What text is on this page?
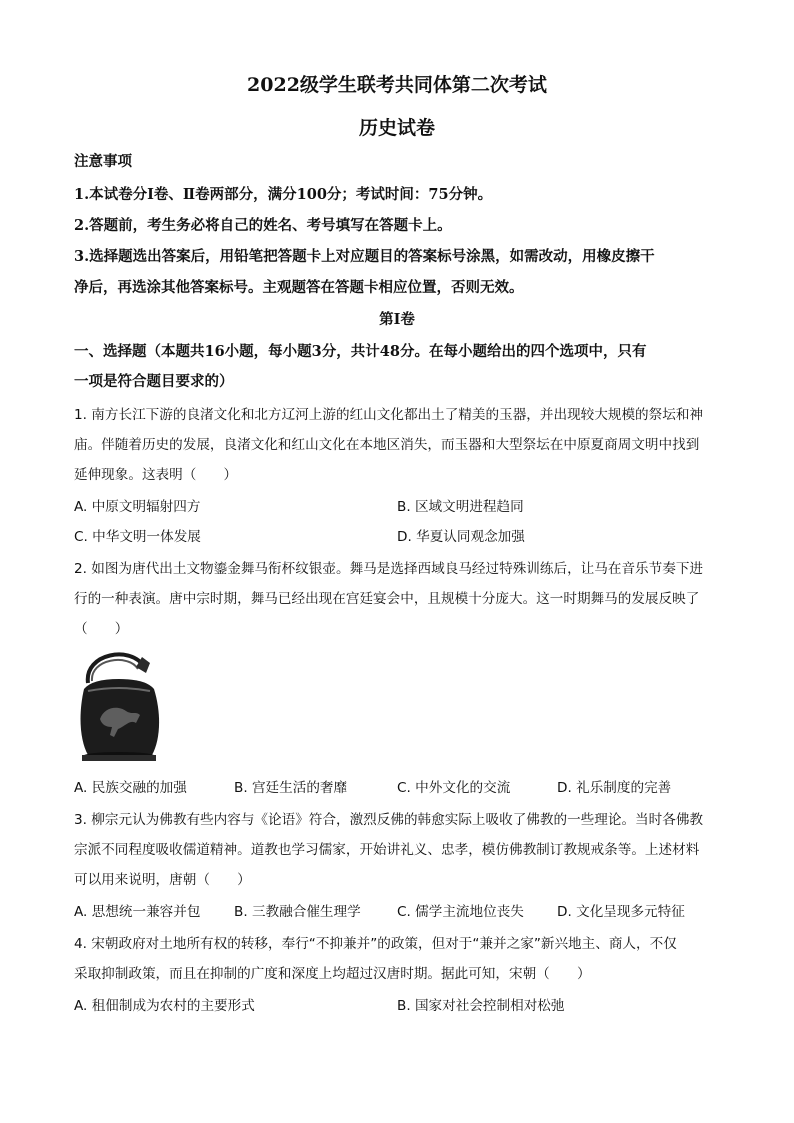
2022级学生联考共同体第二次考试
历史试卷
注意事项
1.本试卷分Ⅰ卷、Ⅱ卷两部分，满分100分；考试时间：75分钟。
2.答题前，考生务必将自己的姓名、考号填写在答题卡上。
3.选择题选出答案后，用铅笔把答题卡上对应题目的答案标号涂黑，如需改动，用橡皮擦干
净后，再选涂其他答案标号。主观题答在答题卡相应位置，否则无效。
第Ⅰ卷
一、选择题（本题共16小题，每小题3分，共计48分。在每小题给出的四个选项中，只有
一项是符合题目要求的）
1. 南方长江下游的良渚文化和北方辽河上游的红山文化都出土了精美的玉器，并出现较大规模的祭坛和神
庙。伴随着历史的发展，良渚文化和红山文化在本地区消失，而玉器和大型祭坛在中原夏商周文明中找到
延伸现象。这表明（　　）
A. 中原文明辐射四方	B. 区域文明进程趋同
C. 中华文明一体发展	D. 华夏认同观念加强
2. 如图为唐代出土文物鎏金舞马衔杯纹银壶。舞马是选择西域良马经过特殊训练后，让马在音乐节奏下进
行的一种表演。唐中宗时期，舞马已经出现在宫廷宴会中，且规模十分庞大。这一时期舞马的发展反映了
（　　）
A. 民族交融的加强	B. 宫廷生活的奢靡	C. 中外文化的交流	D. 礼乐制度的完善
3. 柳宗元认为佛教有些内容与《论语》符合，激烈反佛的韩愈实际上吸收了佛教的一些理论。当时各佛教
宗派不同程度吸收儒道精神。道教也学习儒家，开始讲礼义、忠孝，模仿佛教制订教规戒条等。上述材料
可以用来说明，唐朝（　　）
A. 思想统一兼容并包 B. 三教融合催生理学	C. 儒学主流地位丧失 D. 文化呈现多元特征
4. 宋朝政府对土地所有权的转移，奉行“不抑兼并”的政策，但对于“兼并之家”新兴地主、商人，不仅
采取抑制政策，而且在抑制的广度和深度上均超过汉唐时期。据此可知，宋朝（　　）
A. 租佃制成为农村的主要形式	B. 国家对社会控制相对松弛
